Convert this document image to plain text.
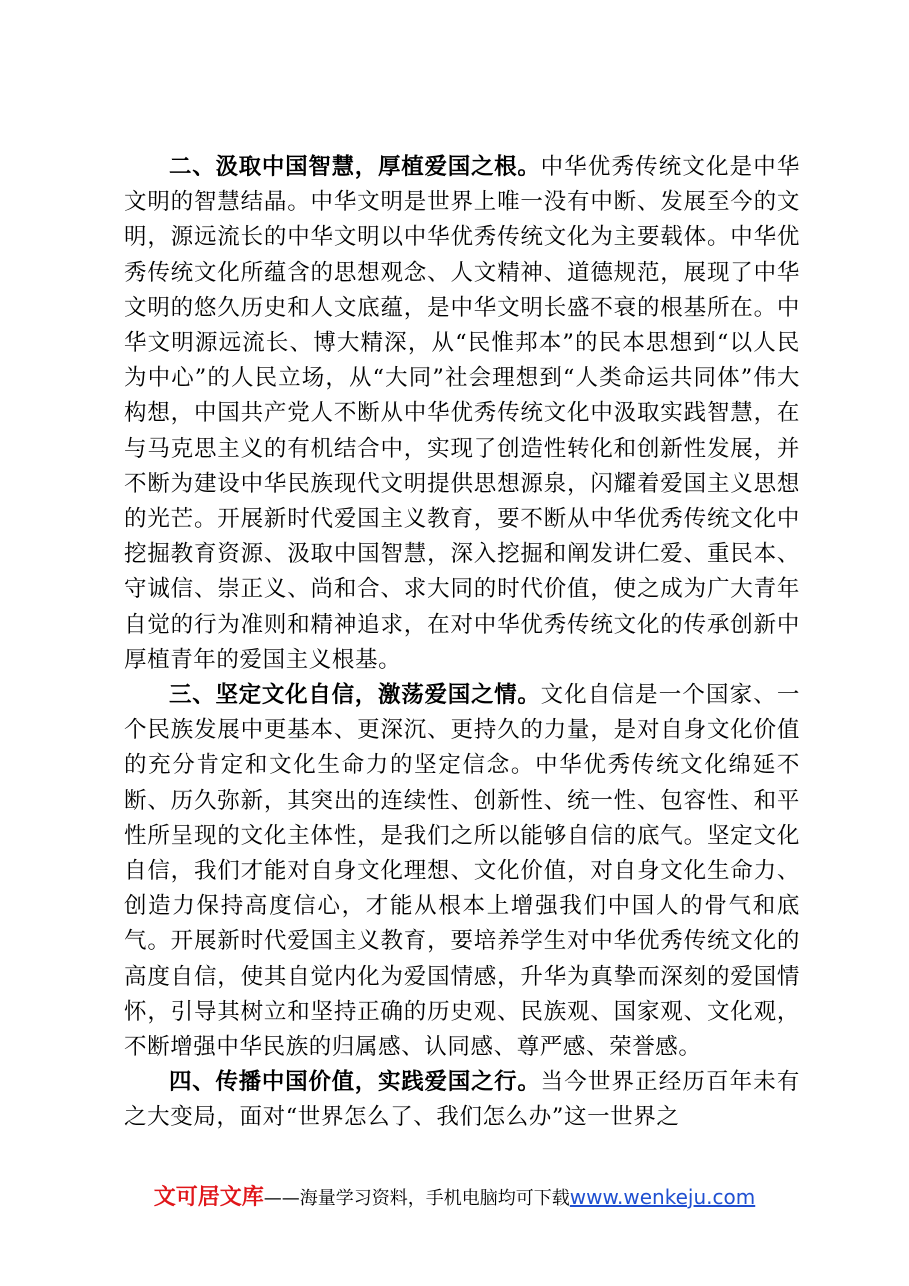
二、汲取中国智慧，厚植爱国之根。中华优秀传统文化是中华文明的智慧结晶。中华文明是世界上唯一没有中断、发展至今的文明，源远流长的中华文明以中华优秀传统文化为主要载体。中华优秀传统文化所蕴含的思想观念、人文精神、道德规范，展现了中华文明的悠久历史和人文底蕴，是中华文明长盛不衰的根基所在。中华文明源远流长、博大精深，从“民惟邦本”的民本思想到“以人民为中心”的人民立场，从“大同”社会理想到“人类命运共同体”伟大构想，中国共产党人不断从中华优秀传统文化中汲取实践智慧，在与马克思主义的有机结合中，实现了创造性转化和创新性发展，并不断为建设中华民族现代文明提供思想源泉，闪耀着爱国主义思想的光芒。开展新时代爱国主义教育，要不断从中华优秀传统文化中挖掘教育资源、汲取中国智慧，深入挖掘和阐发讲仁爱、重民本、守诚信、崇正义、尚和合、求大同的时代价值，使之成为广大青年自觉的行为准则和精神追求，在对中华优秀传统文化的传承创新中厚植青年的爱国主义根基。

三、坚定文化自信，激荡爱国之情。文化自信是一个国家、一个民族发展中更基本、更深沉、更持久的力量，是对自身文化价值的充分肯定和文化生命力的坚定信念。中华优秀传统文化绵延不断、历久弥新，其突出的连续性、创新性、统一性、包容性、和平性所呈现的文化主体性，是我们之所以能够自信的底气。坚定文化自信，我们才能对自身文化理想、文化价值，对自身文化生命力、创造力保持高度信心，才能从根本上增强我们中国人的骨气和底气。开展新时代爱国主义教育，要培养学生对中华优秀传统文化的高度自信，使其自觉内化为爱国情感，升华为真挚而深刻的爱国情怀，引导其树立和坚持正确的历史观、民族观、国家观、文化观，不断增强中华民族的归属感、认同感、尊严感、荣誉感。

四、传播中国价值，实践爱国之行。当今世界正经历百年未有之大变局，面对“世界怎么了、我们怎么办”这一世界之

文可居文库——海量学习资料，手机电脑均可下载www.wenkeju.com
